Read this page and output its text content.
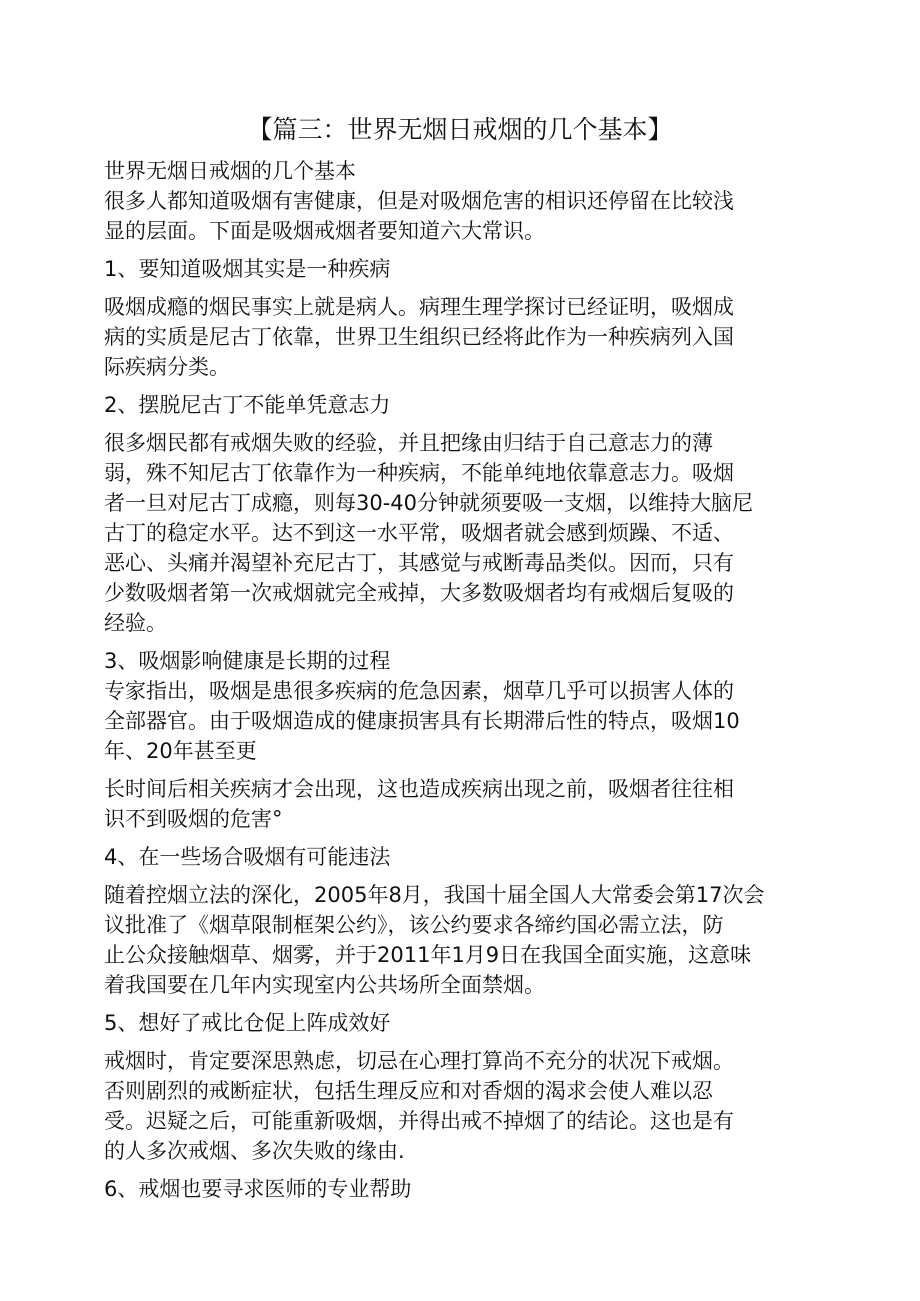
【篇三：世界无烟日戒烟的几个基本】
世界无烟日戒烟的几个基本
很多人都知道吸烟有害健康，但是对吸烟危害的相识还停留在比较浅
显的层面。下面是吸烟戒烟者要知道六大常识。
1、要知道吸烟其实是一种疾病
吸烟成瘾的烟民事实上就是病人。病理生理学探讨已经证明，吸烟成
病的实质是尼古丁依靠，世界卫生组织已经将此作为一种疾病列入国
际疾病分类。
2、摆脱尼古丁不能单凭意志力
很多烟民都有戒烟失败的经验，并且把缘由归结于自己意志力的薄
弱，殊不知尼古丁依靠作为一种疾病，不能单纯地依靠意志力。吸烟
者一旦对尼古丁成瘾，则每30-40分钟就须要吸一支烟，以维持大脑尼
古丁的稳定水平。达不到这一水平常，吸烟者就会感到烦躁、不适、
恶心、头痛并渴望补充尼古丁，其感觉与戒断毒品类似。因而，只有
少数吸烟者第一次戒烟就完全戒掉，大多数吸烟者均有戒烟后复吸的
经验。
3、吸烟影响健康是长期的过程
专家指出，吸烟是患很多疾病的危急因素，烟草几乎可以损害人体的
全部器官。由于吸烟造成的健康损害具有长期滞后性的特点，吸烟10
年、20年甚至更
长时间后相关疾病才会出现，这也造成疾病出现之前，吸烟者往往相
识不到吸烟的危害°
4、在一些场合吸烟有可能违法
随着控烟立法的深化，2005年8月，我国十届全国人大常委会第17次会
议批准了《烟草限制框架公约》，该公约要求各缔约国必需立法，防
止公众接触烟草、烟雾，并于2011年1月9日在我国全面实施，这意味
着我国要在几年内实现室内公共场所全面禁烟。
5、想好了戒比仓促上阵成效好
戒烟时，肯定要深思熟虑，切忌在心理打算尚不充分的状况下戒烟。
否则剧烈的戒断症状，包括生理反应和对香烟的渴求会使人难以忍
受。迟疑之后，可能重新吸烟，并得出戒不掉烟了的结论。这也是有
的人多次戒烟、多次失败的缘由.
6、戒烟也要寻求医师的专业帮助
